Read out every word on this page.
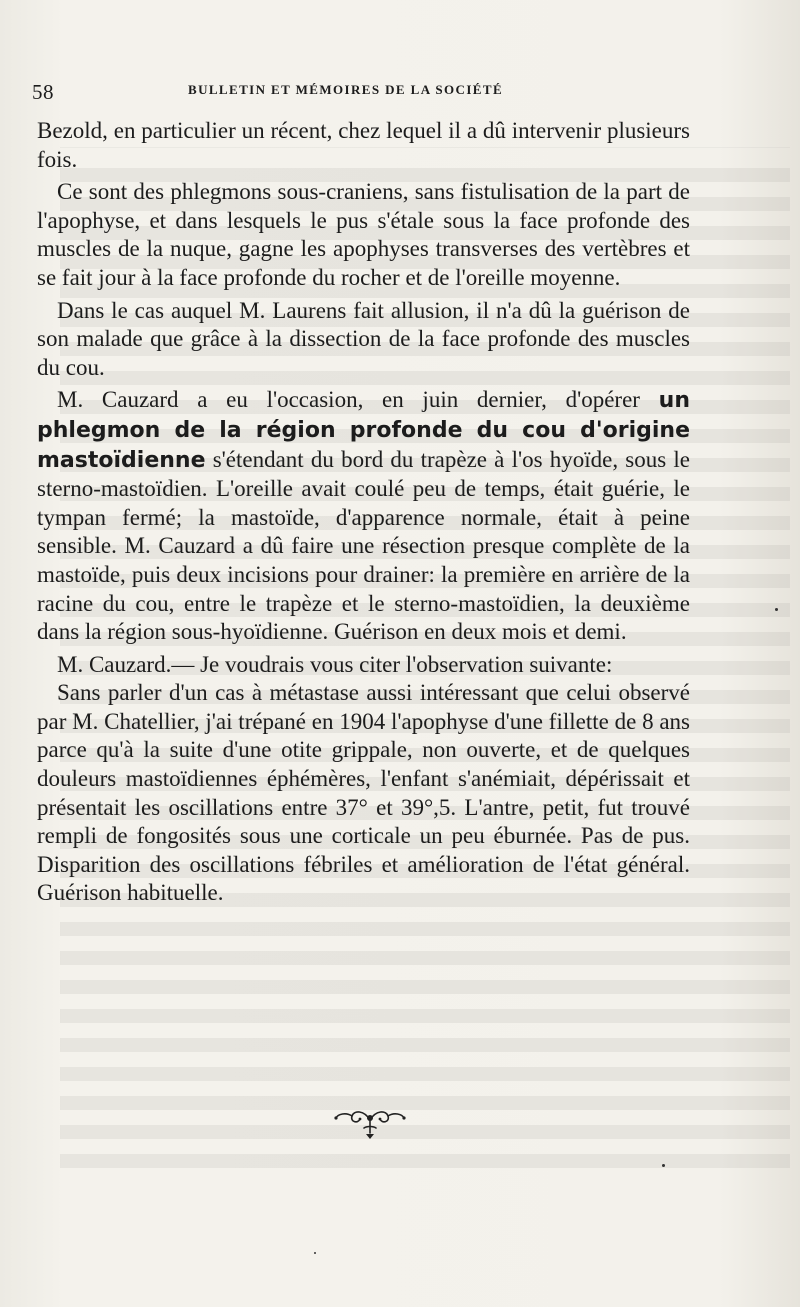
58	BULLETIN ET MÉMOIRES DE LA SOCIÉTÉ

Bezold, en particulier un récent, chez lequel il a dû intervenir plusieurs fois.

Ce sont des phlegmons sous-craniens, sans fistulisation de la part de l'apophyse, et dans lesquels le pus s'étale sous la face profonde des muscles de la nuque, gagne les apophyses transverses des vertèbres et se fait jour à la face profonde du rocher et de l'oreille moyenne.

Dans le cas auquel M. Laurens fait allusion, il n'a dû la guérison de son malade que grâce à la dissection de la face profonde des muscles du cou.

M. Cauzard a eu l'occasion, en juin dernier, d'opérer un phlegmon de la région profonde du cou d'origine mastoïdienne s'étendant du bord du trapèze à l'os hyoïde, sous le sterno-mastoïdien. L'oreille avait coulé peu de temps, était guérie, le tympan fermé; la mastoïde, d'apparence normale, était à peine sensible. M. Cauzard a dû faire une résection presque complète de la mastoïde, puis deux incisions pour drainer: la première en arrière de la racine du cou, entre le trapèze et le sterno-mastoïdien, la deuxième dans la région sous-hyoïdienne. Guérison en deux mois et demi.

M. Cauzard.— Je voudrais vous citer l'observation suivante:

Sans parler d'un cas à métastase aussi intéressant que celui observé par M. Chatellier, j'ai trépané en 1904 l'apophyse d'une fillette de 8 ans parce qu'à la suite d'une otite grippale, non ouverte, et de quelques douleurs mastoïdiennes éphémères, l'enfant s'anémiait, dépérissait et présentait les oscillations entre 37° et 39°,5. L'antre, petit, fut trouvé rempli de fongosités sous une corticale un peu éburnée. Pas de pus. Disparition des oscillations fébriles et amélioration de l'état général. Guérison habituelle.
